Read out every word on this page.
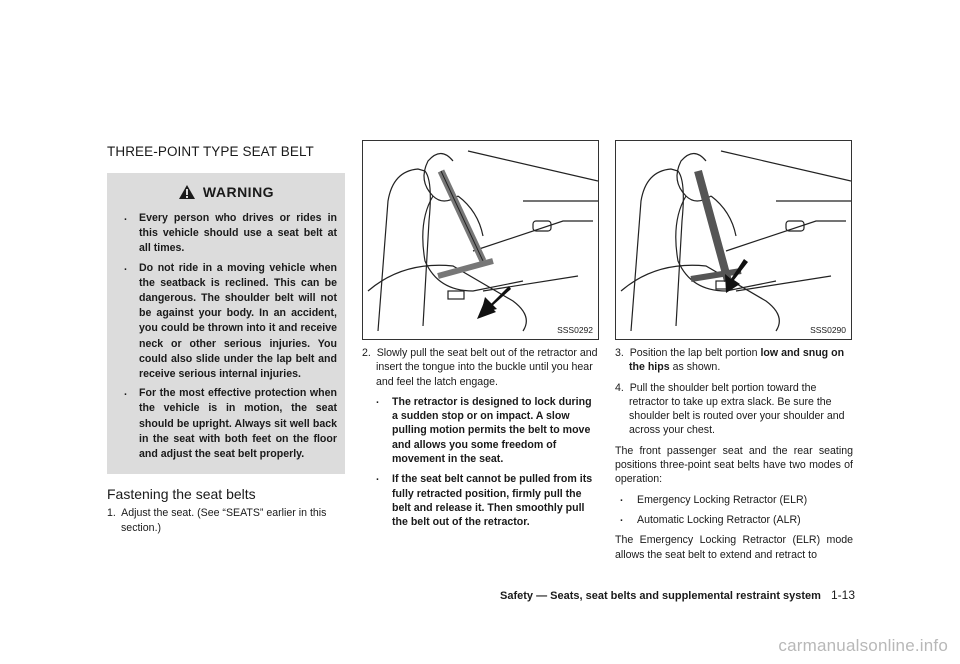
THREE-POINT TYPE SEAT BELT
WARNING
. Every person who drives or rides in this vehicle should use a seat belt at all times.
. Do not ride in a moving vehicle when the seatback is reclined. This can be dangerous. The shoulder belt will not be against your body. In an accident, you could be thrown into it and receive neck or other serious injuries. You could also slide under the lap belt and receive serious internal injuries.
. For the most effective protection when the vehicle is in motion, the seat should be upright. Always sit well back in the seat with both feet on the floor and adjust the seat belt properly.
Fastening the seat belts

1.  Adjust the seat. (See “SEATS” earlier in this section.)

SSS0292

2.  Slowly pull the seat belt out of the retractor and insert the tongue into the buckle until you hear and feel the latch engage.

. The retractor is designed to lock during a sudden stop or on impact. A slow pulling motion permits the belt to move and allows you some freedom of movement in the seat.
. If the seat belt cannot be pulled from its fully retracted position, firmly pull the belt and release it. Then smoothly pull the belt out of the retractor.
SSS0290

3.  Position the lap belt portion low and snug on the hips as shown.

4.  Pull the shoulder belt portion toward the retractor to take up extra slack. Be sure the shoulder belt is routed over your shoulder and across your chest.

The front passenger seat and the rear seating positions three-point seat belts have two modes of operation:

. Emergency Locking Retractor (ELR)

. Automatic Locking Retractor (ALR)

The Emergency Locking Retractor (ELR) mode allows the seat belt to extend and retract to

Safety — Seats, seat belts and supplemental restraint system 1-13
carmanualsonline.info
